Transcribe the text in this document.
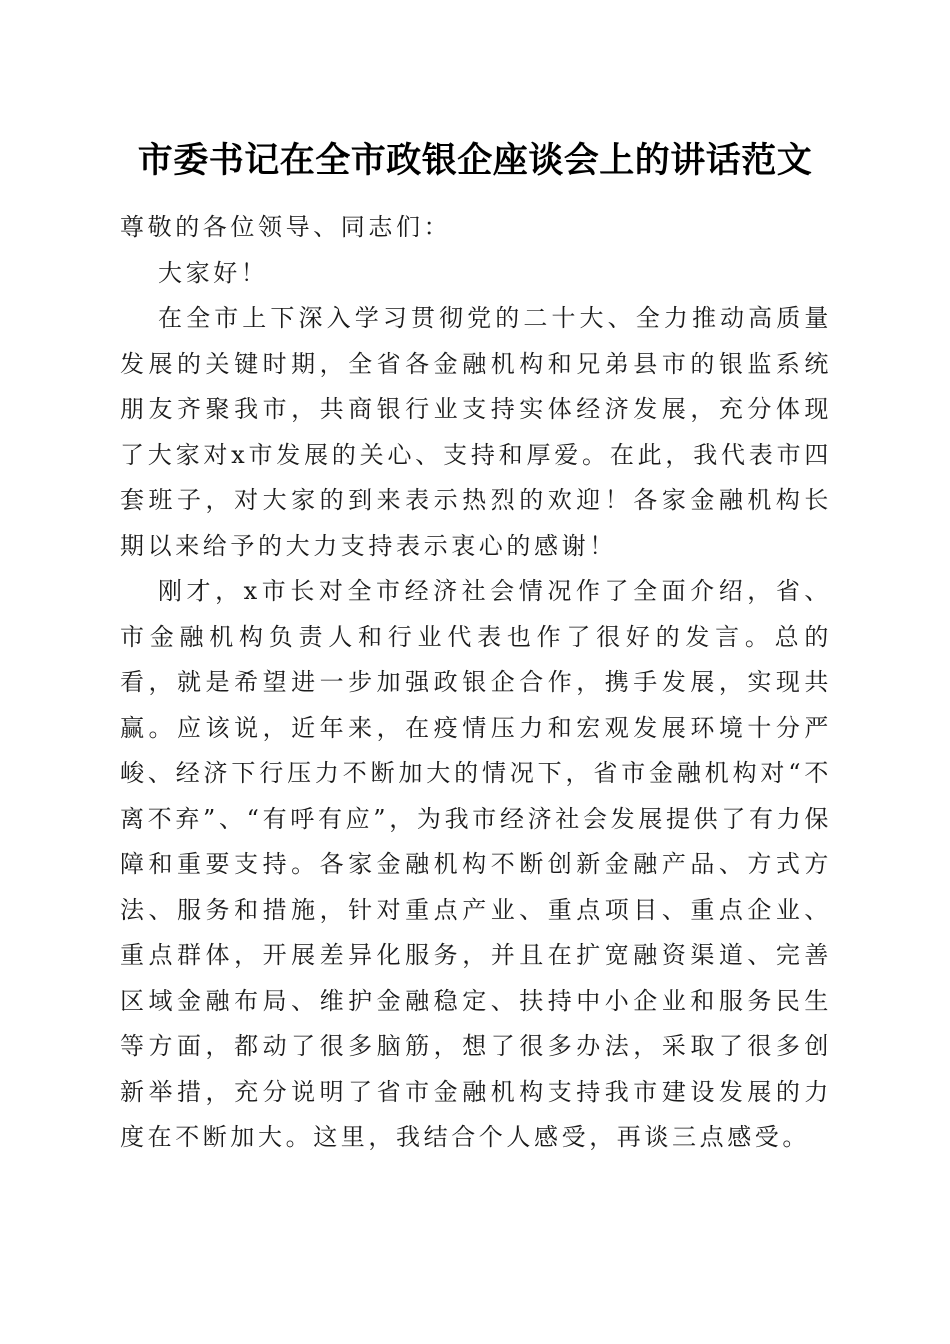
市委书记在全市政银企座谈会上的讲话范文

尊敬的各位领导、同志们：

大家好！

在全市上下深入学习贯彻党的二十大、全力推动高质量发展的关键时期，全省各金融机构和兄弟县市的银监系统朋友齐聚我市，共商银行业支持实体经济发展，充分体现了大家对x市发展的关心、支持和厚爱。在此，我代表市四套班子，对大家的到来表示热烈的欢迎！各家金融机构长期以来给予的大力支持表示衷心的感谢！

刚才，x市长对全市经济社会情况作了全面介绍，省、市金融机构负责人和行业代表也作了很好的发言。总的看，就是希望进一步加强政银企合作，携手发展，实现共赢。应该说，近年来，在疫情压力和宏观发展环境十分严峻、经济下行压力不断加大的情况下，省市金融机构对“不离不弃”、“有呼有应”，为我市经济社会发展提供了有力保障和重要支持。各家金融机构不断创新金融产品、方式方法、服务和措施，针对重点产业、重点项目、重点企业、重点群体，开展差异化服务，并且在扩宽融资渠道、完善区域金融布局、维护金融稳定、扶持中小企业和服务民生等方面，都动了很多脑筋，想了很多办法，采取了很多创新举措，充分说明了省市金融机构支持我市建设发展的力度在不断加大。这里，我结合个人感受，再谈三点感受。
